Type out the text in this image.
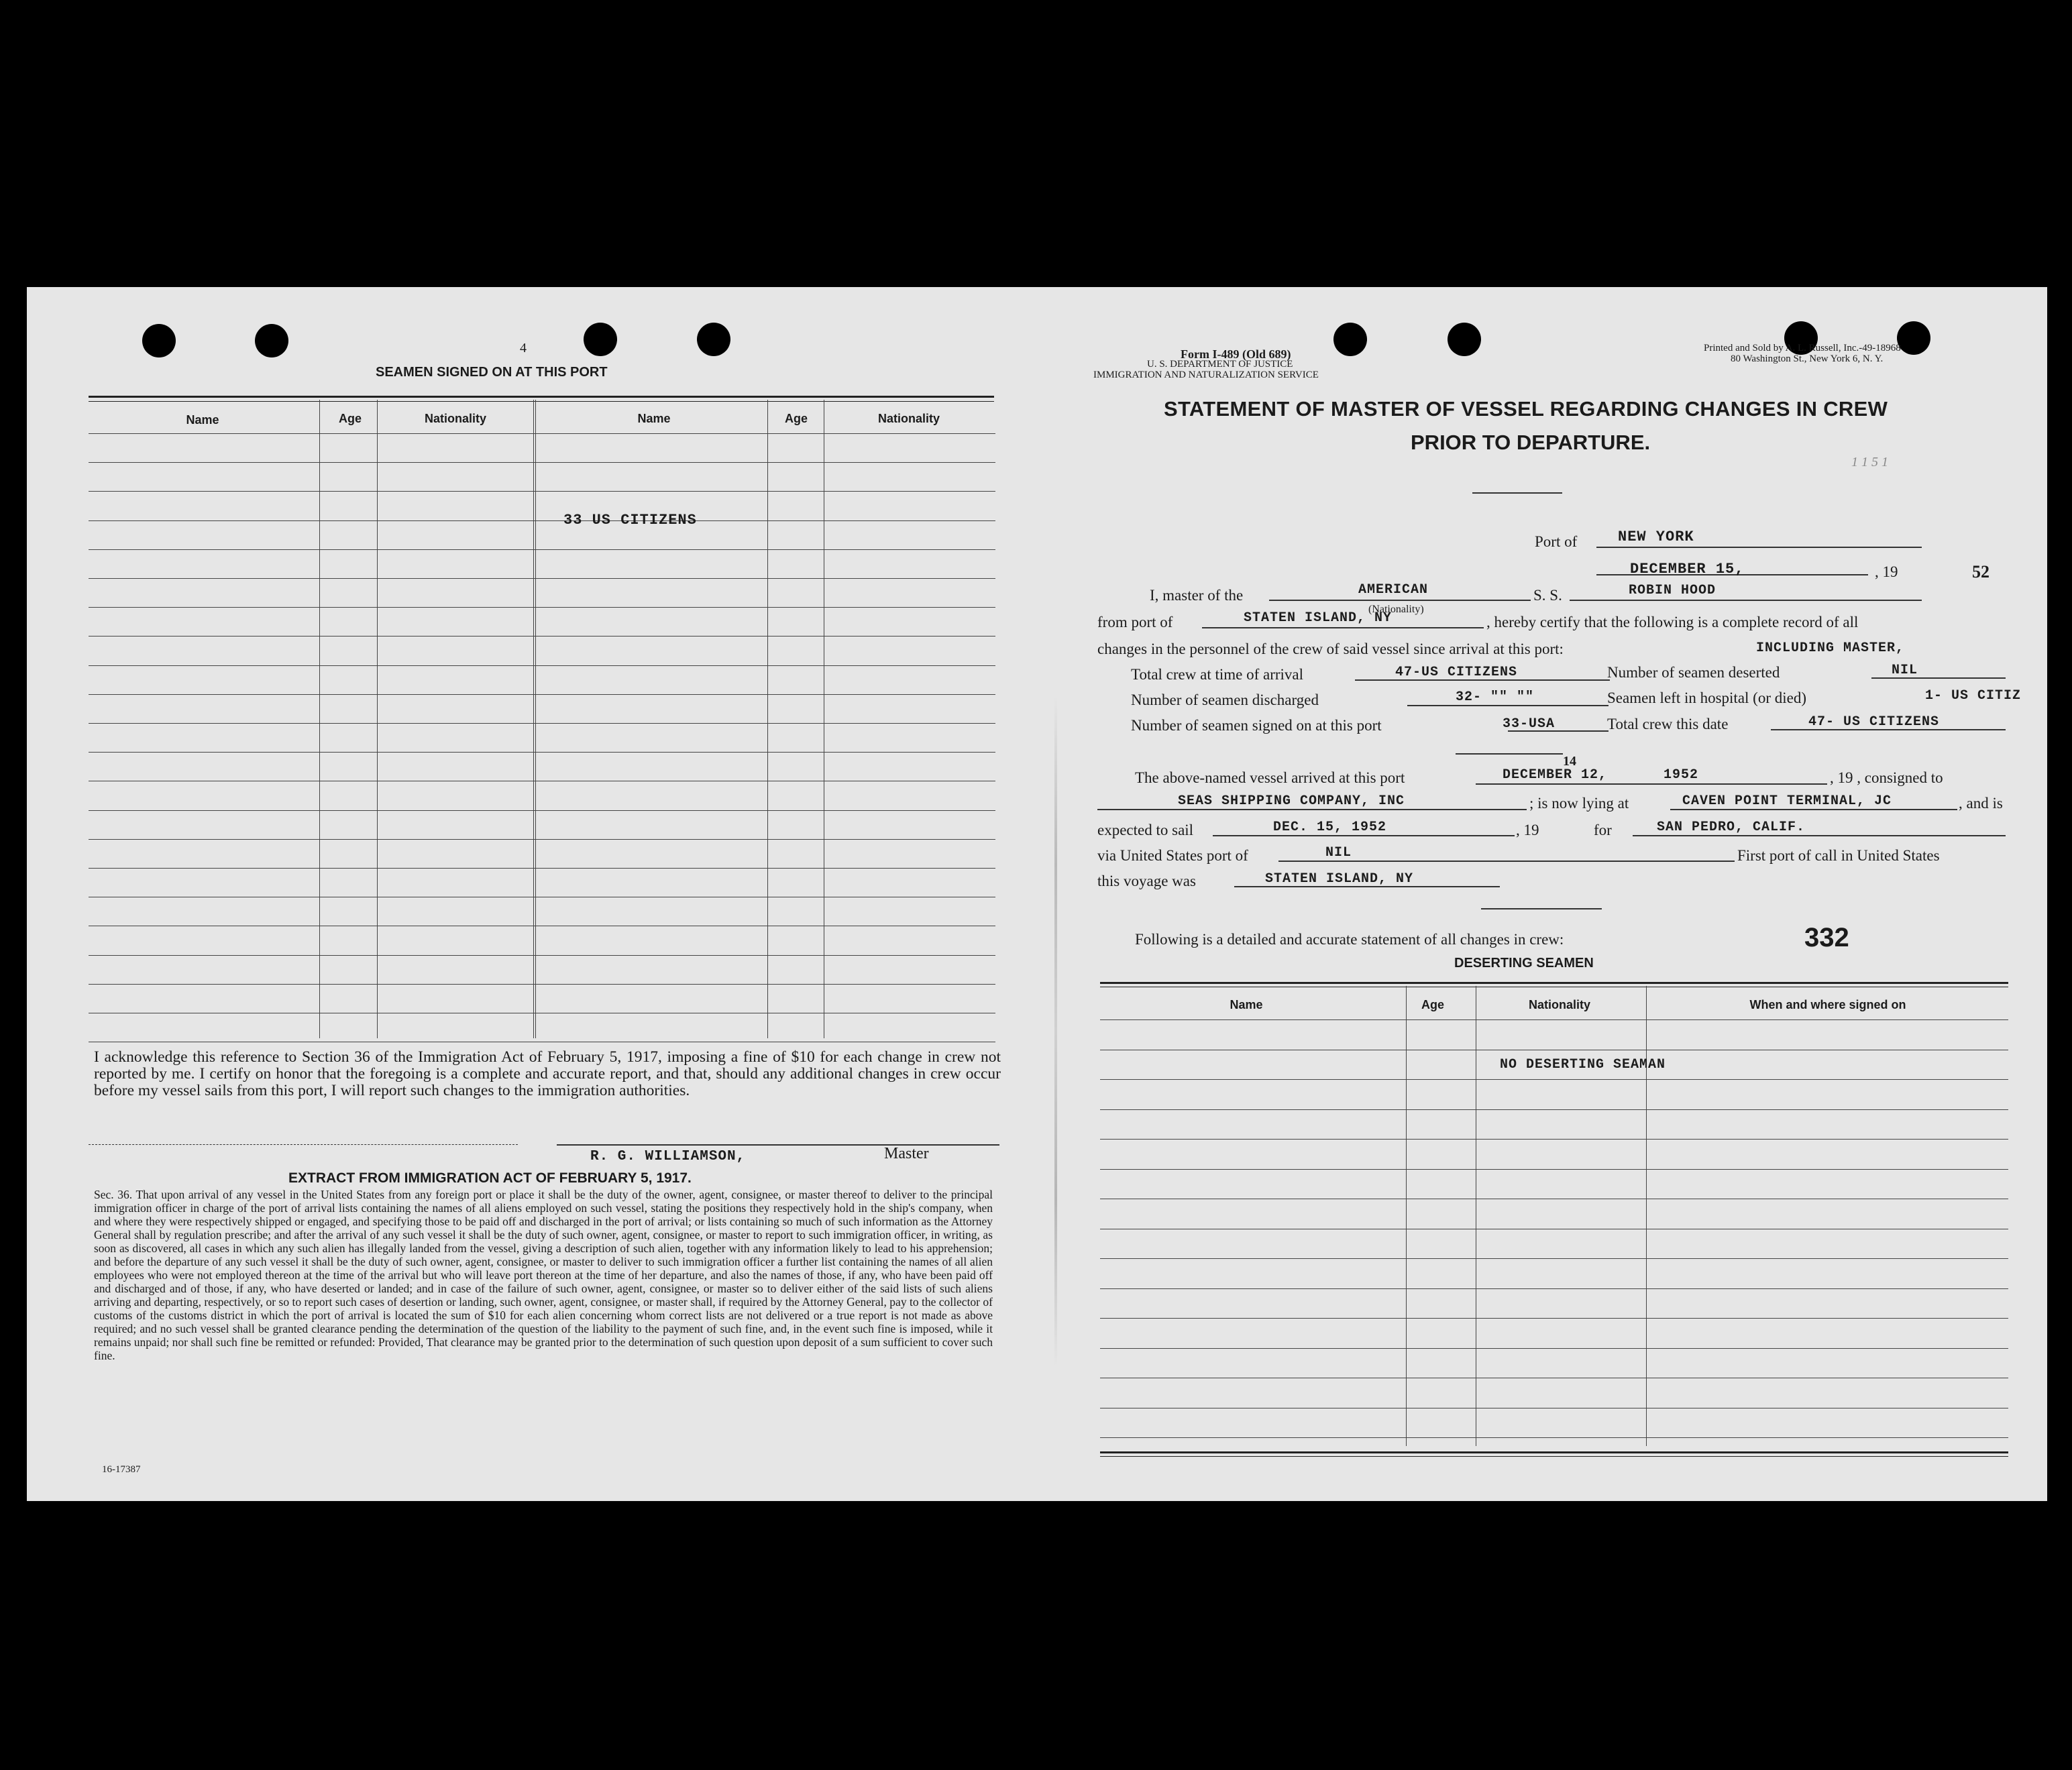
4
SEAMEN SIGNED ON AT THIS PORT
Name	Age	Nationality	Name	Age	Nationality
33 US CITIZENS
I acknowledge this reference to Section 36 of the Immigration Act of February 5, 1917, imposing a fine of $10 for each change in crew not reported by me. I certify on honor that the foregoing is a complete and accurate report, and that, should any additional changes in crew occur before my vessel sails from this port, I will report such changes to the immigration authorities.
R. G. WILLIAMSON,	Master
EXTRACT FROM IMMIGRATION ACT OF FEBRUARY 5, 1917.
Sec. 36. That upon arrival of any vessel in the United States from any foreign port or place it shall be the duty of the owner, agent, consignee, or master thereof to deliver to the principal immigration officer in charge of the port of arrival lists containing the names of all aliens employed on such vessel, stating the positions they respectively hold in the ship's company, when and where they were respectively shipped or engaged, and specifying those to be paid off and discharged in the port of arrival; or lists containing so much of such information as the Attorney General shall by regulation prescribe; and after the arrival of any such vessel it shall be the duty of such owner, agent, consignee, or master to report to such immigration officer, in writing, as soon as discovered, all cases in which any such alien has illegally landed from the vessel, giving a description of such alien, together with any information likely to lead to his apprehension; and before the departure of any such vessel it shall be the duty of such owner, agent, consignee, or master to deliver to such immigration officer a further list containing the names of all alien employees who were not employed thereon at the time of the arrival but who will leave port thereon at the time of her departure, and also the names of those, if any, who have been paid off and discharged and of those, if any, who have deserted or landed; and in case of the failure of such owner, agent, consignee, or master so to deliver either of the said lists of such aliens arriving and departing, respectively, or so to report such cases of desertion or landing, such owner, agent, consignee, or master shall, if required by the Attorney General, pay to the collector of customs of the customs district in which the port of arrival is located the sum of $10 for each alien concerning whom correct lists are not delivered or a true report is not made as above required; and no such vessel shall be granted clearance pending the determination of the question of the liability to the payment of such fine, and, in the event such fine is imposed, while it remains unpaid; nor shall such fine be remitted or refunded: Provided, That clearance may be granted prior to the determination of such question upon deposit of a sum sufficient to cover such fine.
16-17387
Form I-489 (Old 689)
U. S. DEPARTMENT OF JUSTICE
IMMIGRATION AND NATURALIZATION SERVICE
Printed and Sold by A. L. Russell, Inc.-49-18968
80 Washington St., New York 6, N. Y.
STATEMENT OF MASTER OF VESSEL REGARDING CHANGES IN CREW
PRIOR TO DEPARTURE.
1 1 5 1
Port of	NEW YORK
DECEMBER 15,	, 19	52
I, master of the	AMERICAN
(Nationality)
S. S.	ROBIN HOOD
from port of	STATEN ISLAND, NY	, hereby certify that the following is a complete record of all
changes in the personnel of the crew of said vessel since arrival at this port:	INCLUDING MASTER,
Total crew at time of arrival	47-US CITIZENS	Number of seamen deserted	NIL
Number of seamen discharged	32- "" ""	Seamen left in hospital (or died)	1- US CITIZ
Number of seamen signed on at this port	33-USA	Total crew this date	47- US CITIZENS
The above-named vessel arrived at this port	DECEMBER 12,
14
1952	, 19 , consigned to
SEAS SHIPPING COMPANY, INC	; is now lying at	CAVEN POINT TERMINAL, JC	, and is
expected to sail	DEC. 15, 1952	, 19	for	SAN PEDRO, CALIF.
via United States port of	NIL	First port of call in United States
this voyage was	STATEN ISLAND, NY
Following is a detailed and accurate statement of all changes in crew:	332
DESERTING SEAMEN
Name	Age	Nationality	When and where signed on
NO DESERTING SEAMAN
